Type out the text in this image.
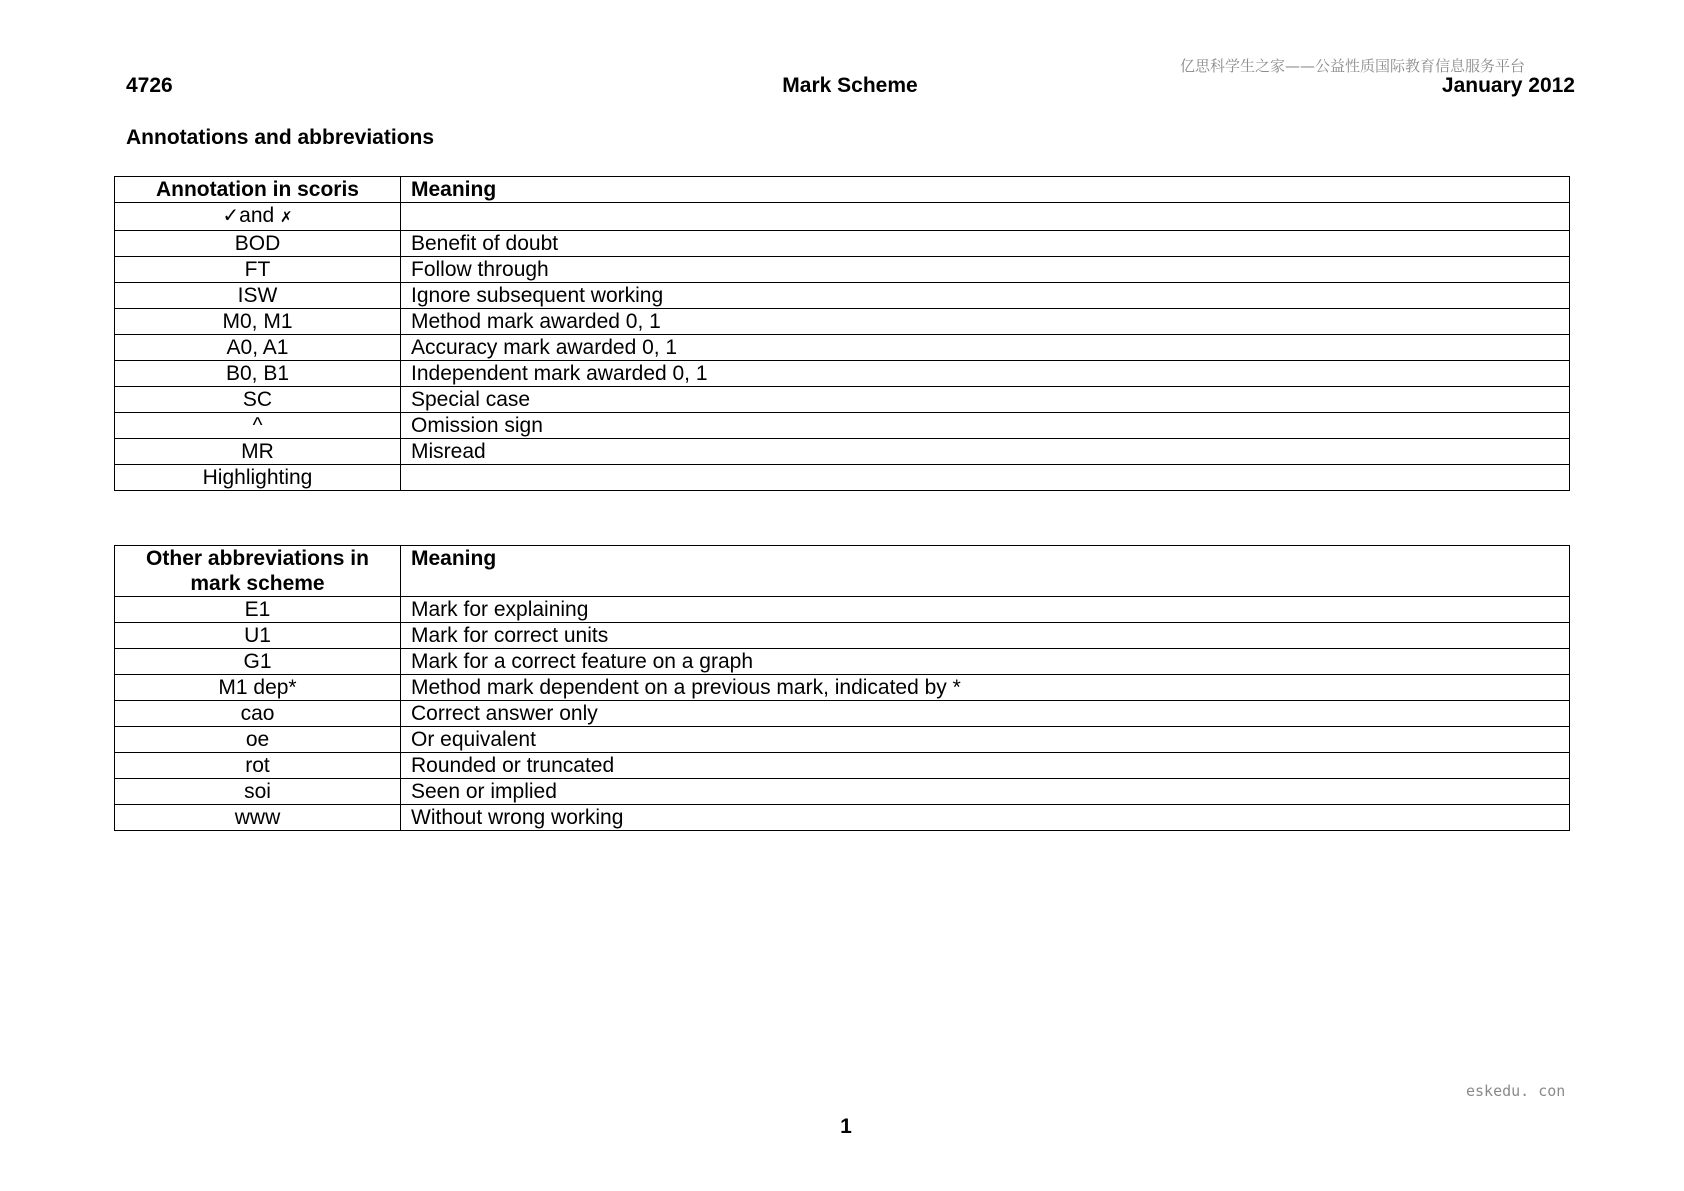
亿思科学生之家——公益性质国际教育信息服务平台
4726	Mark Scheme	January 2012
Annotations and abbreviations
Annotation in scoris	Meaning
✓and ✗	
BOD	Benefit of doubt
FT	Follow through
ISW	Ignore subsequent working
M0, M1	Method mark awarded 0, 1
A0, A1	Accuracy mark awarded 0, 1
B0, B1	Independent mark awarded 0, 1
SC	Special case
^	Omission sign
MR	Misread
Highlighting	
Other abbreviations in mark scheme	Meaning
E1	Mark for explaining
U1	Mark for correct units
G1	Mark for a correct feature on a graph
M1 dep*	Method mark dependent on a previous mark, indicated by *
cao	Correct answer only
oe	Or equivalent
rot	Rounded or truncated
soi	Seen or implied
www	Without wrong working
eskedu. con
1
